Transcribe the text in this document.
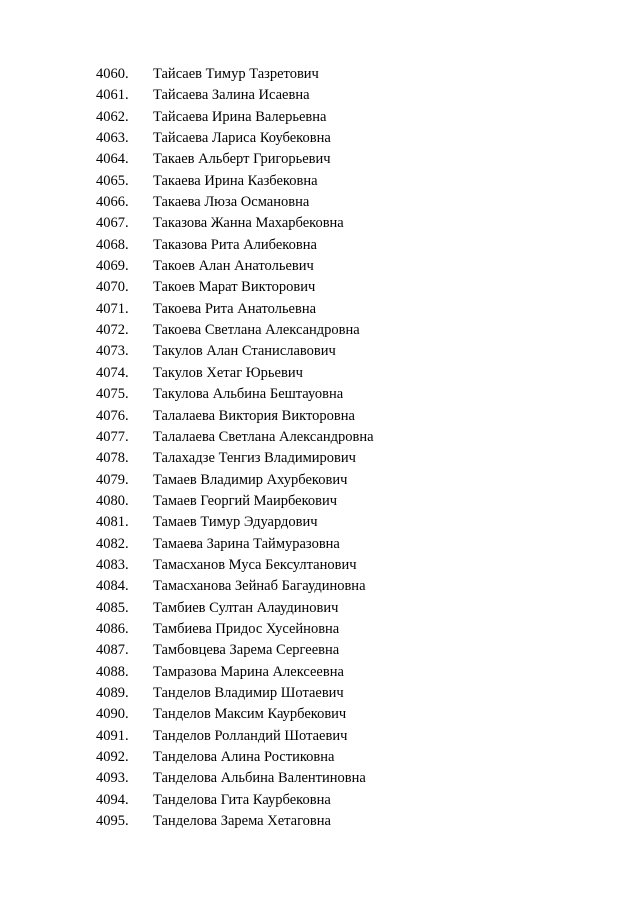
4060.	Тайсаев Тимур Тазретович
4061.	Тайсаева Залина Исаевна
4062.	Тайсаева Ирина Валерьевна
4063.	Тайсаева Лариса Коубековна
4064.	Такаев Альберт Григорьевич
4065.	Такаева Ирина Казбековна
4066.	Такаева Люза Османовна
4067.	Таказова Жанна Махарбековна
4068.	Таказова Рита Алибековна
4069.	Такоев Алан Анатольевич
4070.	Такоев Марат Викторович
4071.	Такоева Рита Анатольевна
4072.	Такоева Светлана Александровна
4073.	Такулов Алан Станиславович
4074.	Такулов Хетаг Юрьевич
4075.	Такулова Альбина Бештауовна
4076.	Талалаева Виктория Викторовна
4077.	Талалаева Светлана Александровна
4078.	Талахадзе Тенгиз Владимирович
4079.	Тамаев Владимир Ахурбекович
4080.	Тамаев Георгий Маирбекович
4081.	Тамаев Тимур Эдуардович
4082.	Тамаева Зарина Таймуразовна
4083.	Тамасханов Муса Бексултанович
4084.	Тамасханова Зейнаб Багаудиновна
4085.	Тамбиев Султан Алаудинович
4086.	Тамбиева Придос Хусейновна
4087.	Тамбовцева Зарема Сергеевна
4088.	Тамразова Марина Алексеевна
4089.	Танделов Владимир Шотаевич
4090.	Танделов Максим Каурбекович
4091.	Танделов Ролландий Шотаевич
4092.	Танделова Алина Ростиковна
4093.	Танделова Альбина Валентиновна
4094.	Танделова Гита Каурбековна
4095.	Танделова Зарема Хетаговна
